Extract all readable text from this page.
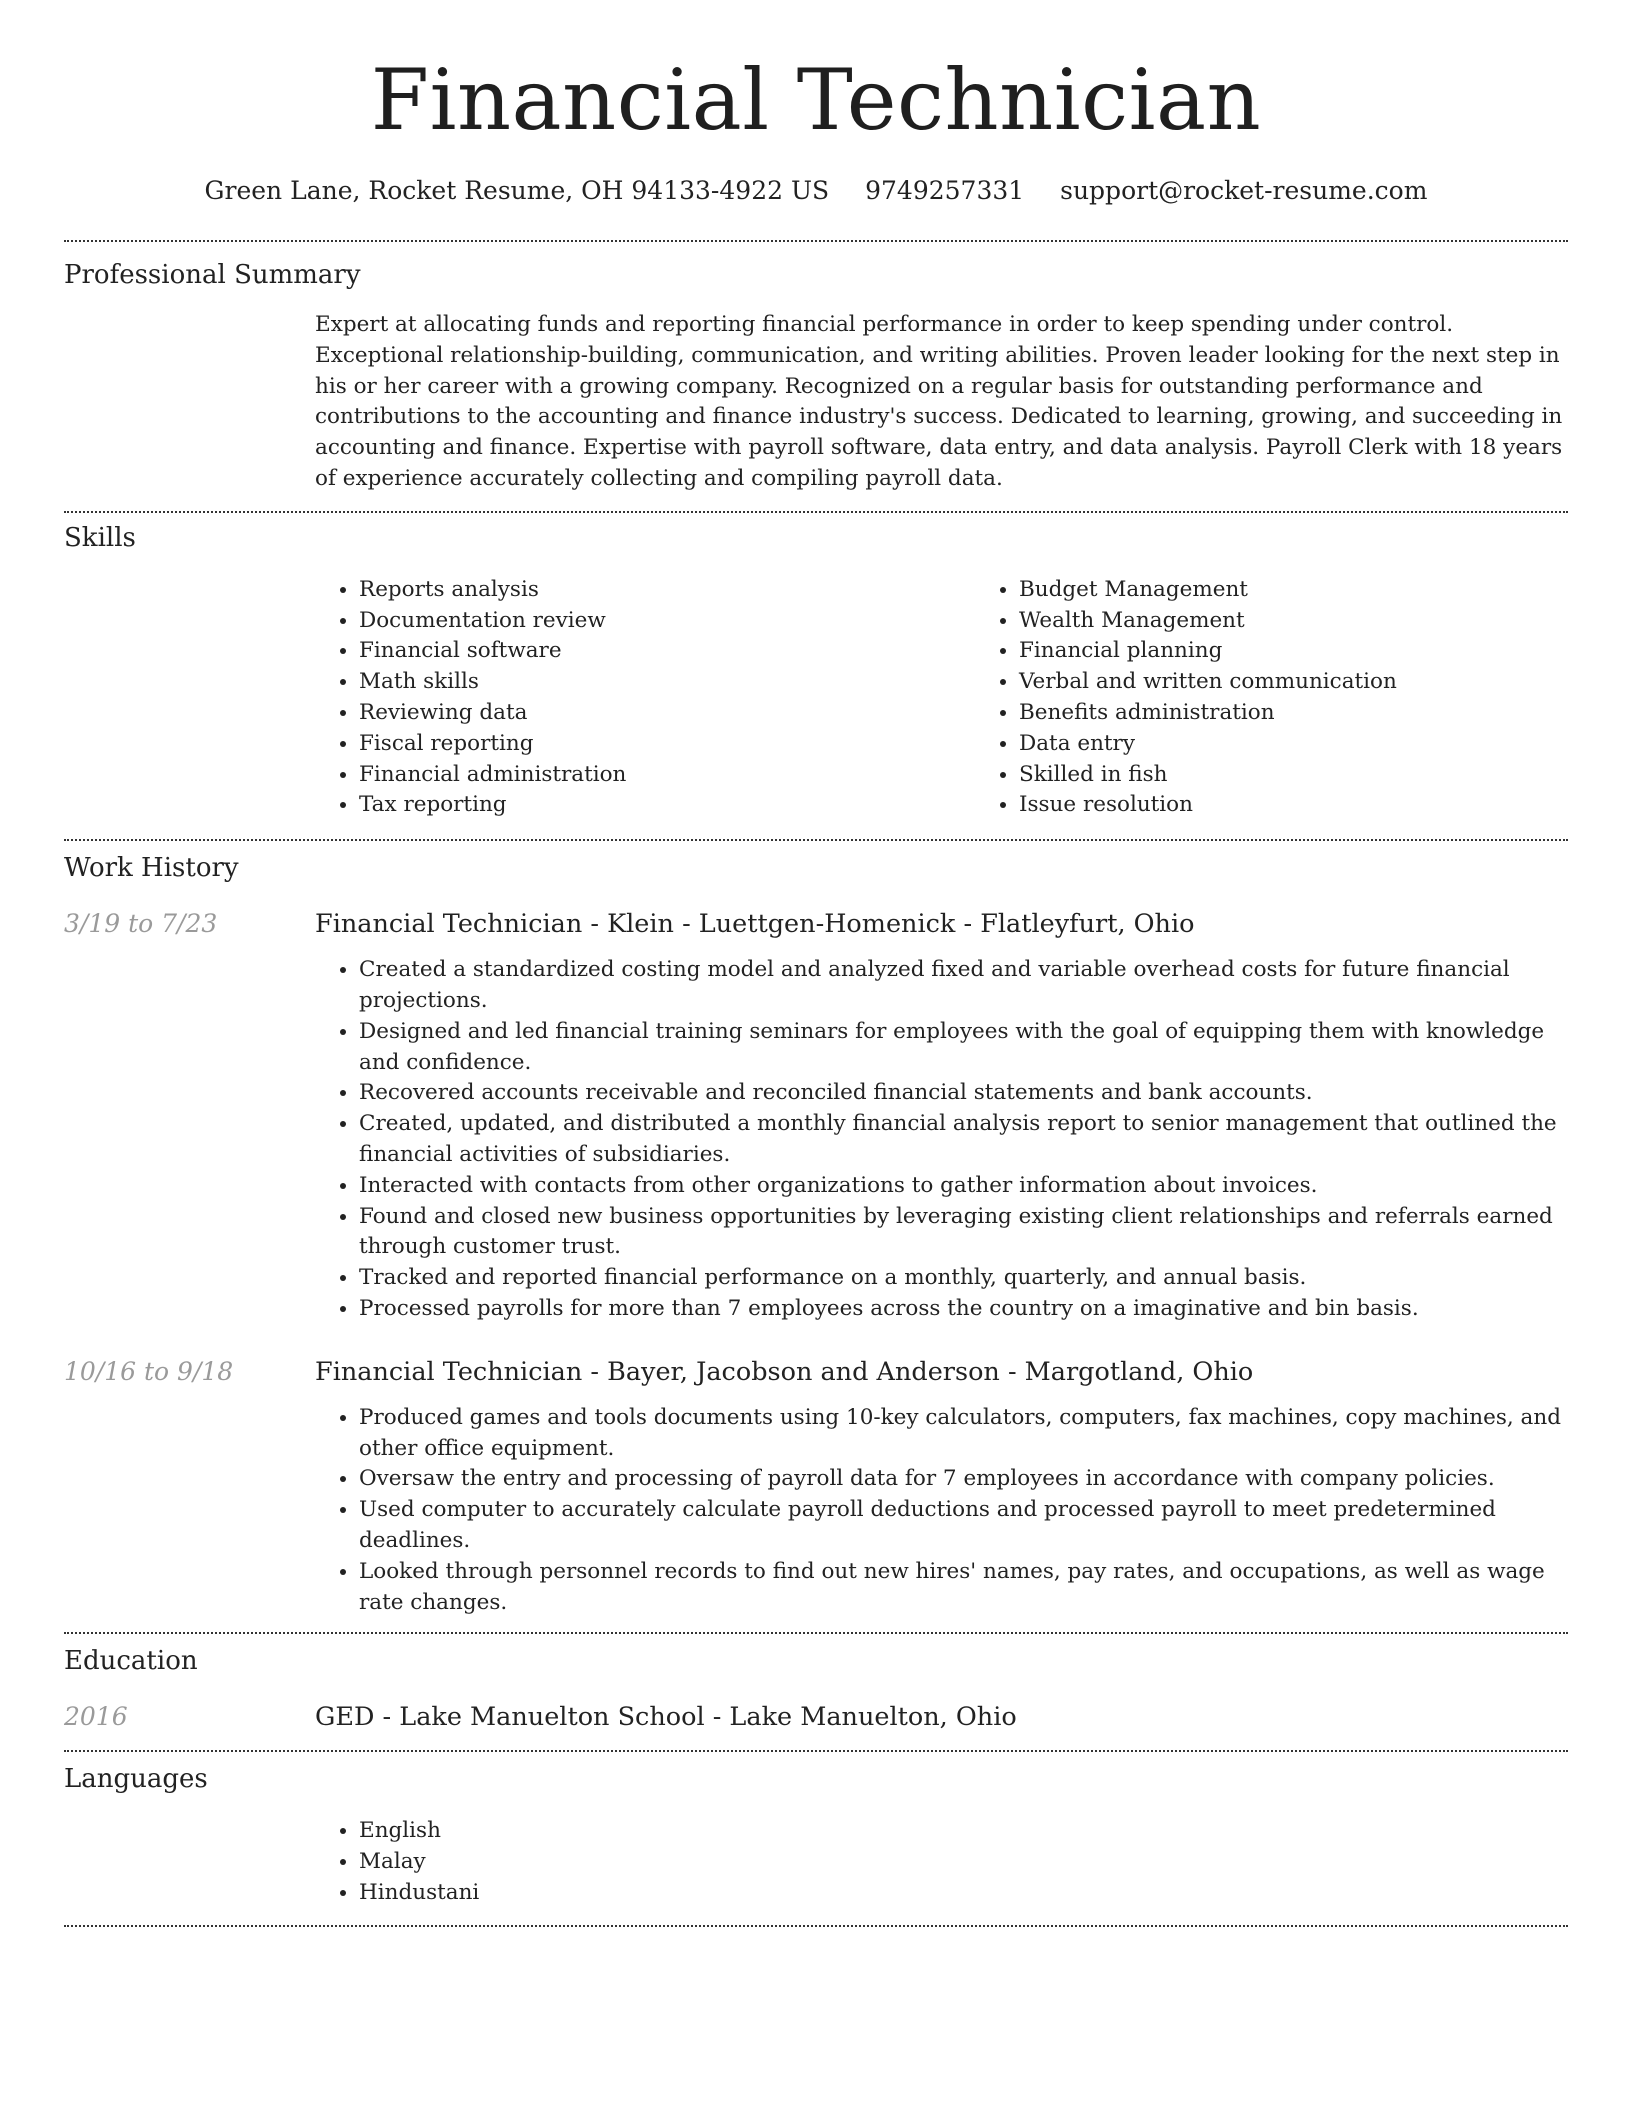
Financial Technician
Green Lane, Rocket Resume, OH 94133-4922 US 9749257331 support@rocket-resume.com
Professional Summary

Expert at allocating funds and reporting financial performance in order to keep spending under control. Exceptional relationship-building, communication, and writing abilities. Proven leader looking for the next step in his or her career with a growing company. Recognized on a regular basis for outstanding performance and contributions to the accounting and finance industry's success. Dedicated to learning, growing, and succeeding in accounting and finance. Expertise with payroll software, data entry, and data analysis. Payroll Clerk with 18 years of experience accurately collecting and compiling payroll data.

Skills
• Reports analysis
• Documentation review
• Financial software
• Math skills
• Reviewing data
• Fiscal reporting
• Financial administration
• Tax reporting
• Budget Management
• Wealth Management
• Financial planning
• Verbal and written communication
• Benefits administration
• Data entry
• Skilled in fish
• Issue resolution
Work History
3/19 to 7/23	Financial Technician - Klein - Luettgen-Homenick - Flatleyfurt, Ohio
• Created a standardized costing model and analyzed fixed and variable overhead costs for future financial projections.
• Designed and led financial training seminars for employees with the goal of equipping them with knowledge and confidence.
• Recovered accounts receivable and reconciled financial statements and bank accounts.
• Created, updated, and distributed a monthly financial analysis report to senior management that outlined the financial activities of subsidiaries.
• Interacted with contacts from other organizations to gather information about invoices.
• Found and closed new business opportunities by leveraging existing client relationships and referrals earned through customer trust.
• Tracked and reported financial performance on a monthly, quarterly, and annual basis.
• Processed payrolls for more than 7 employees across the country on a imaginative and bin basis.
10/16 to 9/18	Financial Technician - Bayer, Jacobson and Anderson - Margotland, Ohio
• Produced games and tools documents using 10-key calculators, computers, fax machines, copy machines, and other office equipment.
• Oversaw the entry and processing of payroll data for 7 employees in accordance with company policies.
• Used computer to accurately calculate payroll deductions and processed payroll to meet predetermined deadlines.
• Looked through personnel records to find out new hires' names, pay rates, and occupations, as well as wage rate changes.
Education
2016	GED - Lake Manuelton School - Lake Manuelton, Ohio
Languages
• English
• Malay
• Hindustani
